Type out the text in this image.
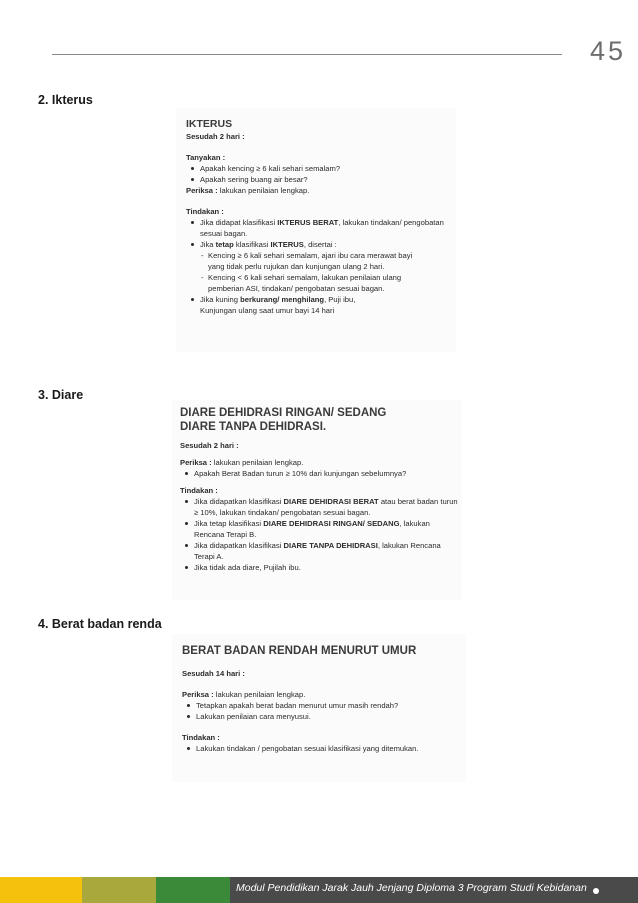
45
2. Ikterus
IKTERUS
Sesudah 2 hari :
Tanyakan :
Apakah kencing ≥ 6 kali sehari semalam?
Apakah sering buang air besar?
Periksa : lakukan penilaian lengkap.
Tindakan :
Jika didapat klasifikasi IKTERUS BERAT, lakukan tindakan/ pengobatan
sesuai bagan.
Jika tetap klasifikasi IKTERUS, disertai :
- Kencing ≥ 6 kali sehari semalam, ajari ibu cara merawat bayi
yang tidak perlu rujukan dan kunjungan ulang 2 hari.
- Kencing < 6 kali sehari semalam, lakukan penilaian ulang
pemberian ASI, tindakan/ pengobatan sesuai bagan.
Jika kuning berkurang/ menghilang, Puji ibu,
Kunjungan ulang saat umur bayi 14 hari
3. Diare
DIARE DEHIDRASI RINGAN/ SEDANG
DIARE TANPA DEHIDRASI.
Sesudah 2 hari :
Periksa : lakukan penilaian lengkap.
Apakah Berat Badan turun ≥ 10% dari kunjungan sebelumnya?
Tindakan :
Jika didapatkan klasifikasi DIARE DEHIDRASI BERAT atau berat badan turun
≥ 10%, lakukan tindakan/ pengobatan sesuai bagan.
Jika tetap klasifikasi DIARE DEHIDRASI RINGAN/ SEDANG, lakukan
Rencana Terapi B.
Jika didapatkan klasifikasi DIARE TANPA DEHIDRASI, lakukan Rencana
Terapi A.
Jika tidak ada diare, Pujilah ibu.
4. Berat badan renda
BERAT BADAN RENDAH MENURUT UMUR
Sesudah 14 hari :
Periksa : lakukan penilaian lengkap.
Tetapkan apakah berat badan menurut umur masih rendah?
Lakukan penilaian cara menyusui.
Tindakan :
Lakukan tindakan / pengobatan sesuai klasifikasi yang ditemukan.
Modul Pendidikan Jarak Jauh Jenjang Diploma 3 Program Studi Kebidanan
